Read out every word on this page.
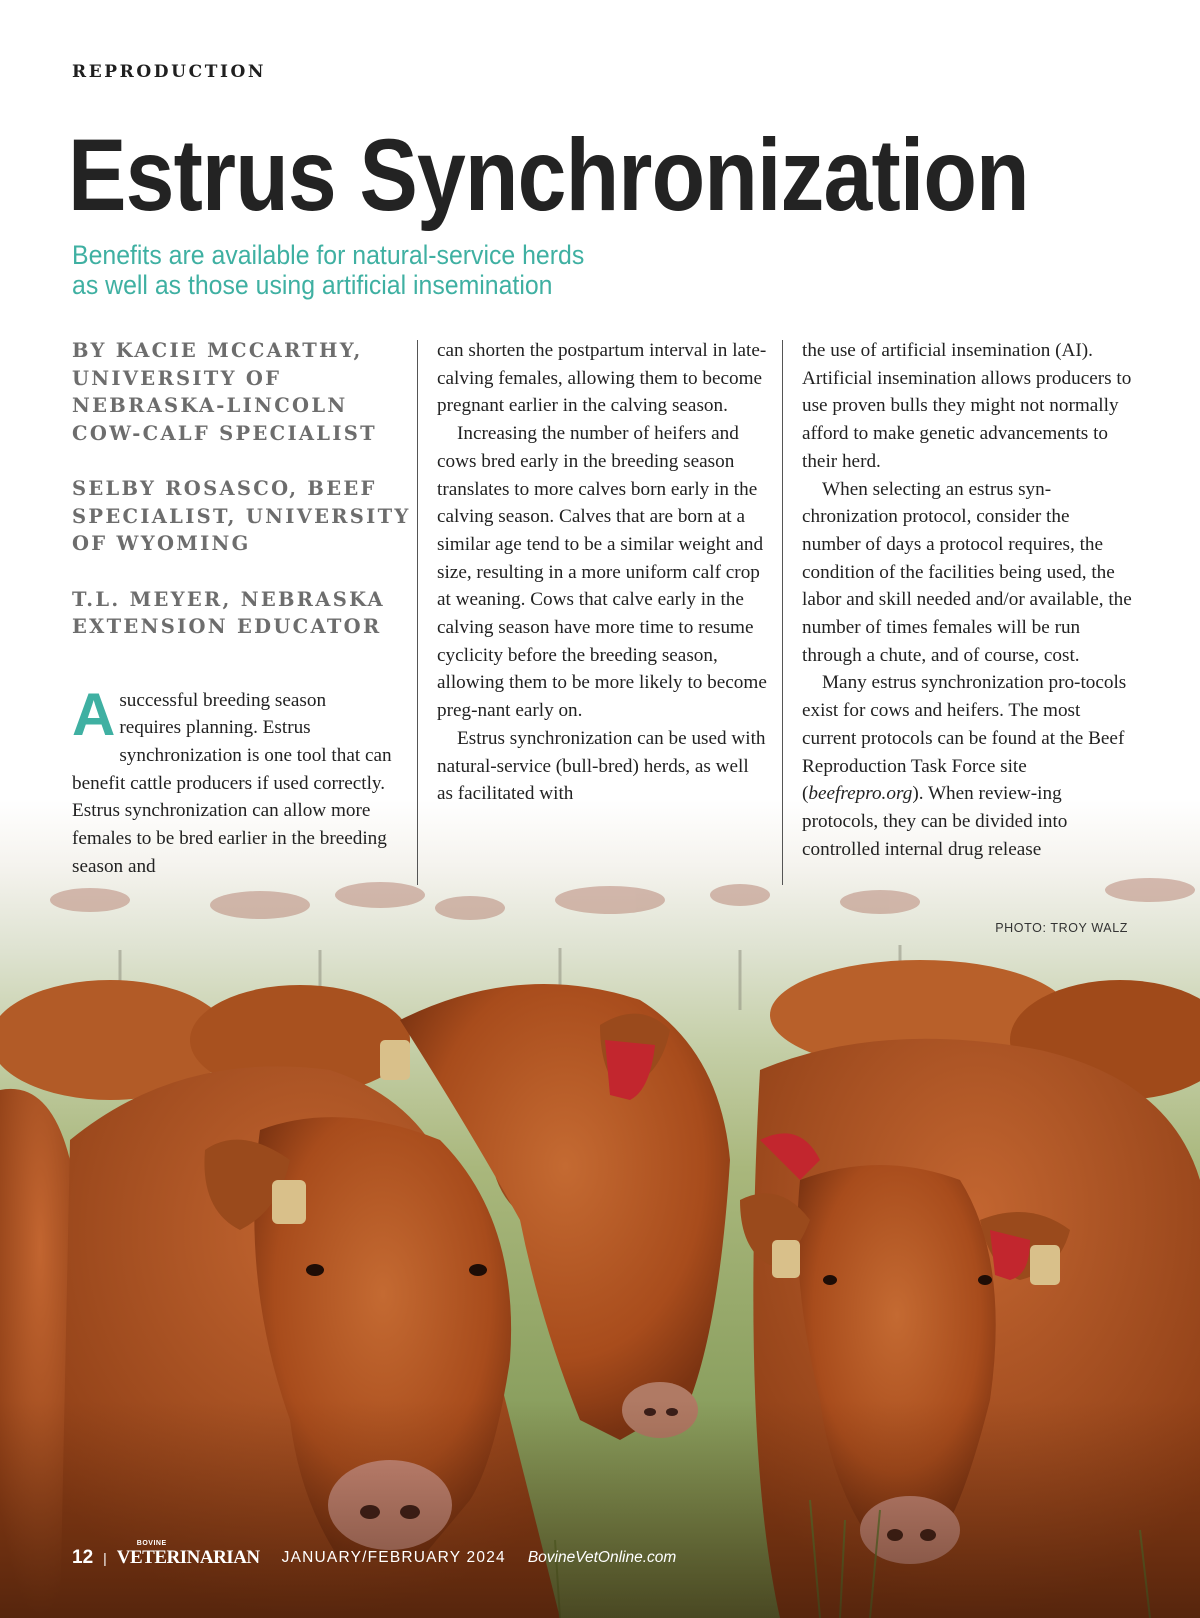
REPRODUCTION
Estrus Synchronization
Benefits are available for natural-service herds
as well as those using artificial insemination
BY KACIE MCCARTHY,
UNIVERSITY OF
NEBRASKA-LINCOLN
COW-CALF SPECIALIST
SELBY ROSASCO, BEEF
SPECIALIST, UNIVERSITY
OF WYOMING
T.L. MEYER, NEBRASKA
EXTENSION EDUCATOR

Asuccessful breeding season requires planning. Estrus synchronization is one tool that can benefit cattle producers if used correctly. Estrus synchronization can allow more females to be bred earlier in the breeding season and

can shorten the postpartum interval in late-calving females, allowing them to become pregnant earlier in the calving season.

Increasing the number of heifers and cows bred early in the breeding season translates to more calves born early in the calving season. Calves that are born at a similar age tend to be a similar weight and size, resulting in a more uniform calf crop at weaning. Cows that calve early in the calving season have more time to resume cyclicity before the breeding season, allowing them to be more likely to become preg-nant early on.

Estrus synchronization can be used with natural-service (bull-bred) herds, as well as facilitated with

the use of artificial insemination (AI). Artificial insemination allows producers to use proven bulls they might not normally afford to make genetic advancements to their herd.

When selecting an estrus syn-chronization protocol, consider the number of days a protocol requires, the condition of the facilities being used, the labor and skill needed and/or available, the number of times females will be run through a chute, and of course, cost.

Many estrus synchronization pro-tocols exist for cows and heifers. The most current protocols can be found at the Beef Reproduction Task Force site (beefrepro.org). When review-ing protocols, they can be divided into controlled internal drug release

PHOTO: TROY WALZ
12 |
BOVINE
VETERINARIAN JANUARY/FEBRUARY 2024 BovineVetOnline.com
